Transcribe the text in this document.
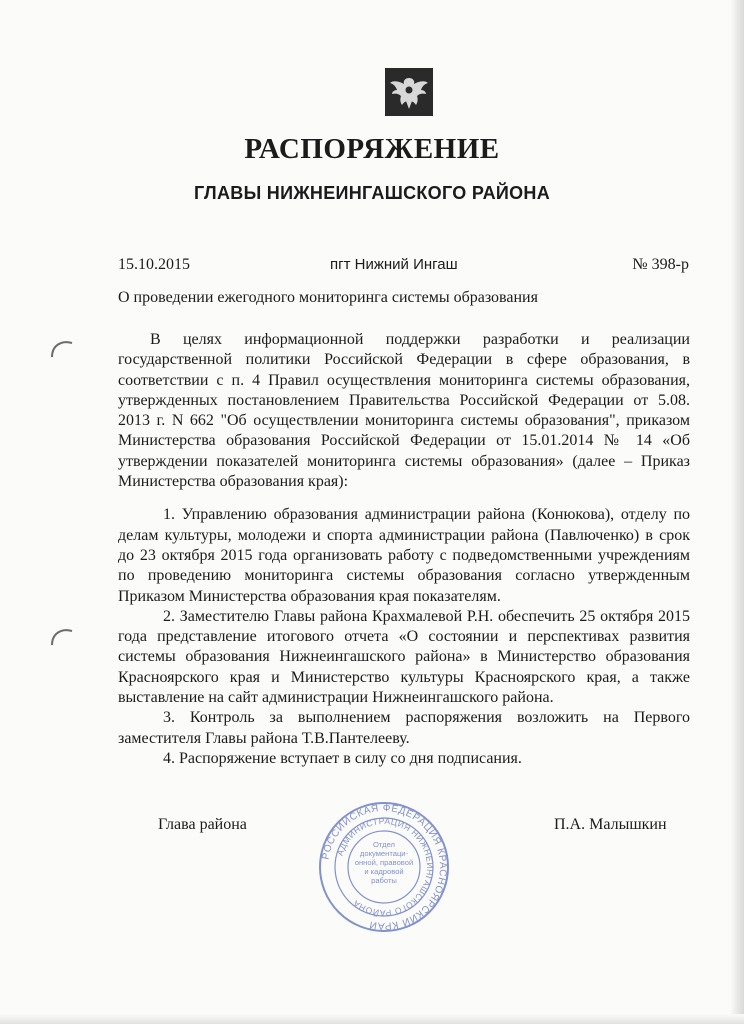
РАСПОРЯЖЕНИЕ
ГЛАВЫ НИЖНЕИНГАШСКОГО РАЙОНА
15.10.2015	пгт Нижний Ингаш	№ 398-р
О проведении ежегодного мониторинга системы образования

В целях информационной поддержки разработки и реализации государственной политики Российской Федерации в сфере образования, в соответствии с п. 4 Правил осуществления мониторинга системы образования, утвержденных постановлением Правительства Российской Федерации от 5.08. 2013 г. N 662 "Об осуществлении мониторинга системы образования", приказом Министерства образования Российской Федерации от 15.01.2014 № 14 «Об утверждении показателей мониторинга системы образования» (далее – Приказ Министерства образования края):

1. Управлению образования администрации района (Конюкова), отделу по делам культуры, молодежи и спорта администрации района (Павлюченко) в срок до 23 октября 2015 года организовать работу с подведомственными учреждениям по проведению мониторинга системы образования согласно утвержденным Приказом Министерства образования края показателям.

2. Заместителю Главы района Крахмалевой Р.Н. обеспечить 25 октября 2015 года представление итогового отчета «О состоянии и перспективах развития системы образования Нижнеингашского района» в Министерство образования Красноярского края и Министерство культуры Красноярского края, а также выставление на сайт администрации Нижнеингашского района.

3. Контроль за выполнением распоряжения возложить на Первого заместителя Главы района Т.В.Пантелееву.

4. Распоряжение вступает в силу со дня подписания.

Глава района	П.А. Малышкин
РОССИЙСКАЯ ФЕДЕРАЦИЯ КРАСНОЯРСКИЙ КРАЙ
АДМИНИСТРАЦИЯ НИЖНЕИНГАШСКОГО РАЙОНА
Отдел документаци-онной, правовой и кадровой работы
